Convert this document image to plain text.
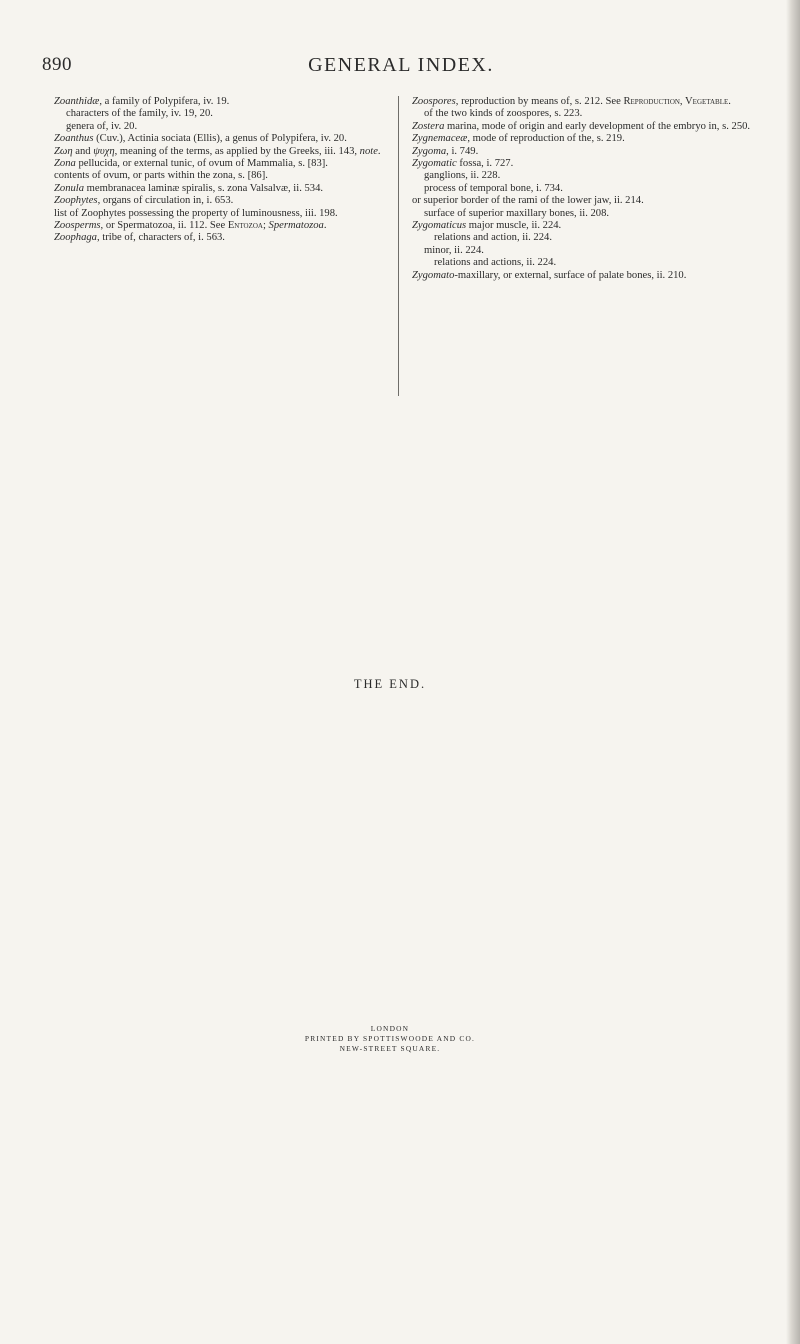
890	GENERAL INDEX.

Zoanthidæ, a family of Polypifera, iv. 19.

characters of the family, iv. 19, 20.

genera of, iv. 20.

Zoanthus (Cuv.), Actinia sociata (Ellis), a genus of Polypifera, iv. 20.

Ζωη and ψυχη, meaning of the terms, as applied by the Greeks, iii. 143, note.

Zona pellucida, or external tunic, of ovum of Mammalia, s. [83].

contents of ovum, or parts within the zona, s. [86].

Zonula membranacea laminæ spiralis, s. zona Valsalvæ, ii. 534.

Zoophytes, organs of circulation in, i. 653.

list of Zoophytes possessing the property of luminousness, iii. 198.

Zoosperms, or Spermatozoa, ii. 112. See Entozoa; Spermatozoa.

Zoophaga, tribe of, characters of, i. 563.

Zoospores, reproduction by means of, s. 212. See Reproduction, Vegetable.

of the two kinds of zoospores, s. 223.

Zostera marina, mode of origin and early development of the embryo in, s. 250.

Zygnemaceæ, mode of reproduction of the, s. 219.

Zygoma, i. 749.

Zygomatic fossa, i. 727.

ganglions, ii. 228.

process of temporal bone, i. 734.

or superior border of the rami of the lower jaw, ii. 214.

surface of superior maxillary bones, ii. 208.

Zygomaticus major muscle, ii. 224.

relations and action, ii. 224.

minor, ii. 224.

relations and actions, ii. 224.

Zygomato-maxillary, or external, surface of palate bones, ii. 210.

THE END.
LONDON
PRINTED BY SPOTTISWOODE AND CO.
NEW-STREET SQUARE.
